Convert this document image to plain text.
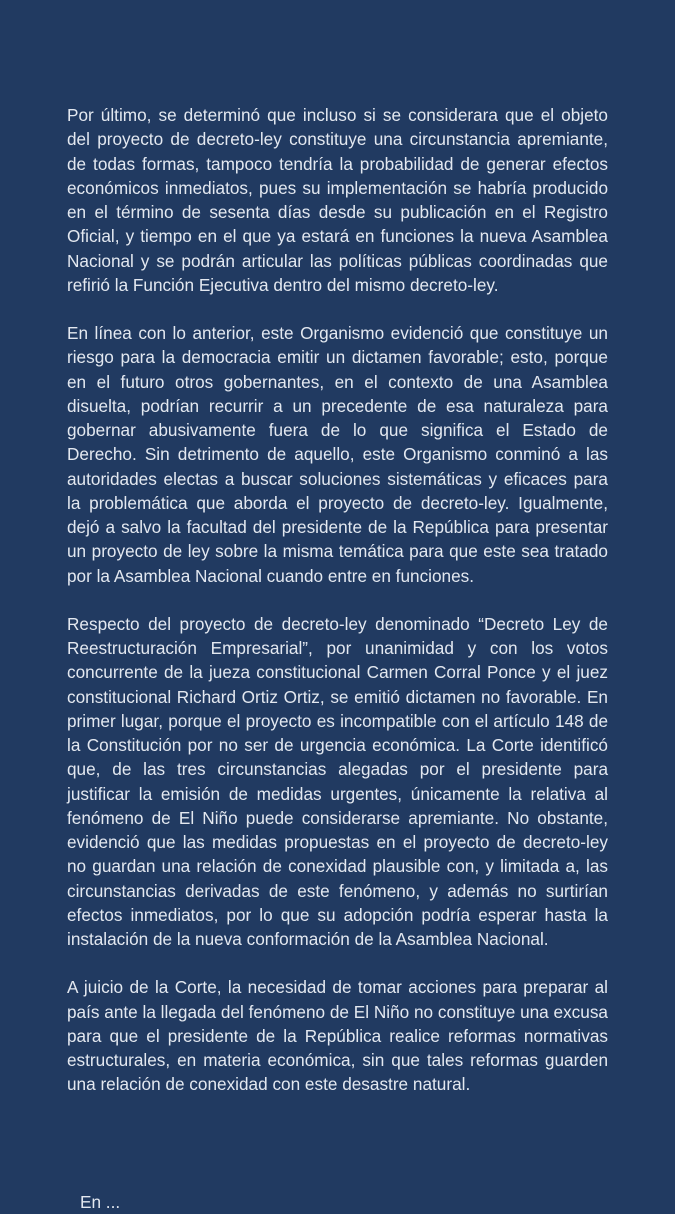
Por último, se determinó que incluso si se considerara que el objeto del proyecto de decreto-ley constituye una circunstancia apremiante, de todas formas, tampoco tendría la probabilidad de generar efectos económicos inmediatos, pues su implementación se habría producido en el término de sesenta días desde su publicación en el Registro Oficial, y tiempo en el que ya estará en funciones la nueva Asamblea Nacional y se podrán articular las políticas públicas coordinadas que refirió la Función Ejecutiva dentro del mismo decreto-ley.

En línea con lo anterior, este Organismo evidenció que constituye un riesgo para la democracia emitir un dictamen favorable; esto, porque en el futuro otros gobernantes, en el contexto de una Asamblea disuelta, podrían recurrir a un precedente de esa naturaleza para gobernar abusivamente fuera de lo que significa el Estado de Derecho. Sin detrimento de aquello, este Organismo conminó a las autoridades electas a buscar soluciones sistemáticas y eficaces para la problemática que aborda el proyecto de decreto-ley. Igualmente, dejó a salvo la facultad del presidente de la República para presentar un proyecto de ley sobre la misma temática para que este sea tratado por la Asamblea Nacional cuando entre en funciones.

Respecto del proyecto de decreto-ley denominado “Decreto Ley de Reestructuración Empresarial”, por unanimidad y con los votos concurrente de la jueza constitucional Carmen Corral Ponce y el juez constitucional Richard Ortiz Ortiz, se emitió dictamen no favorable. En primer lugar, porque el proyecto es incompatible con el artículo 148 de la Constitución por no ser de urgencia económica. La Corte identificó que, de las tres circunstancias alegadas por el presidente para justificar la emisión de medidas urgentes, únicamente la relativa al fenómeno de El Niño puede considerarse apremiante. No obstante, evidenció que las medidas propuestas en el proyecto de decreto-ley no guardan una relación de conexidad plausible con, y limitada a, las circunstancias derivadas de este fenómeno, y además no surtirían efectos inmediatos, por lo que su adopción podría esperar hasta la instalación de la nueva conformación de la Asamblea Nacional.

A juicio de la Corte, la necesidad de tomar acciones para preparar al país ante la llegada del fenómeno de El Niño no constituye una excusa para que el presidente de la República realice reformas normativas estructurales, en materia económica, sin que tales reformas guarden una relación de conexidad con este desastre natural.

En ...
